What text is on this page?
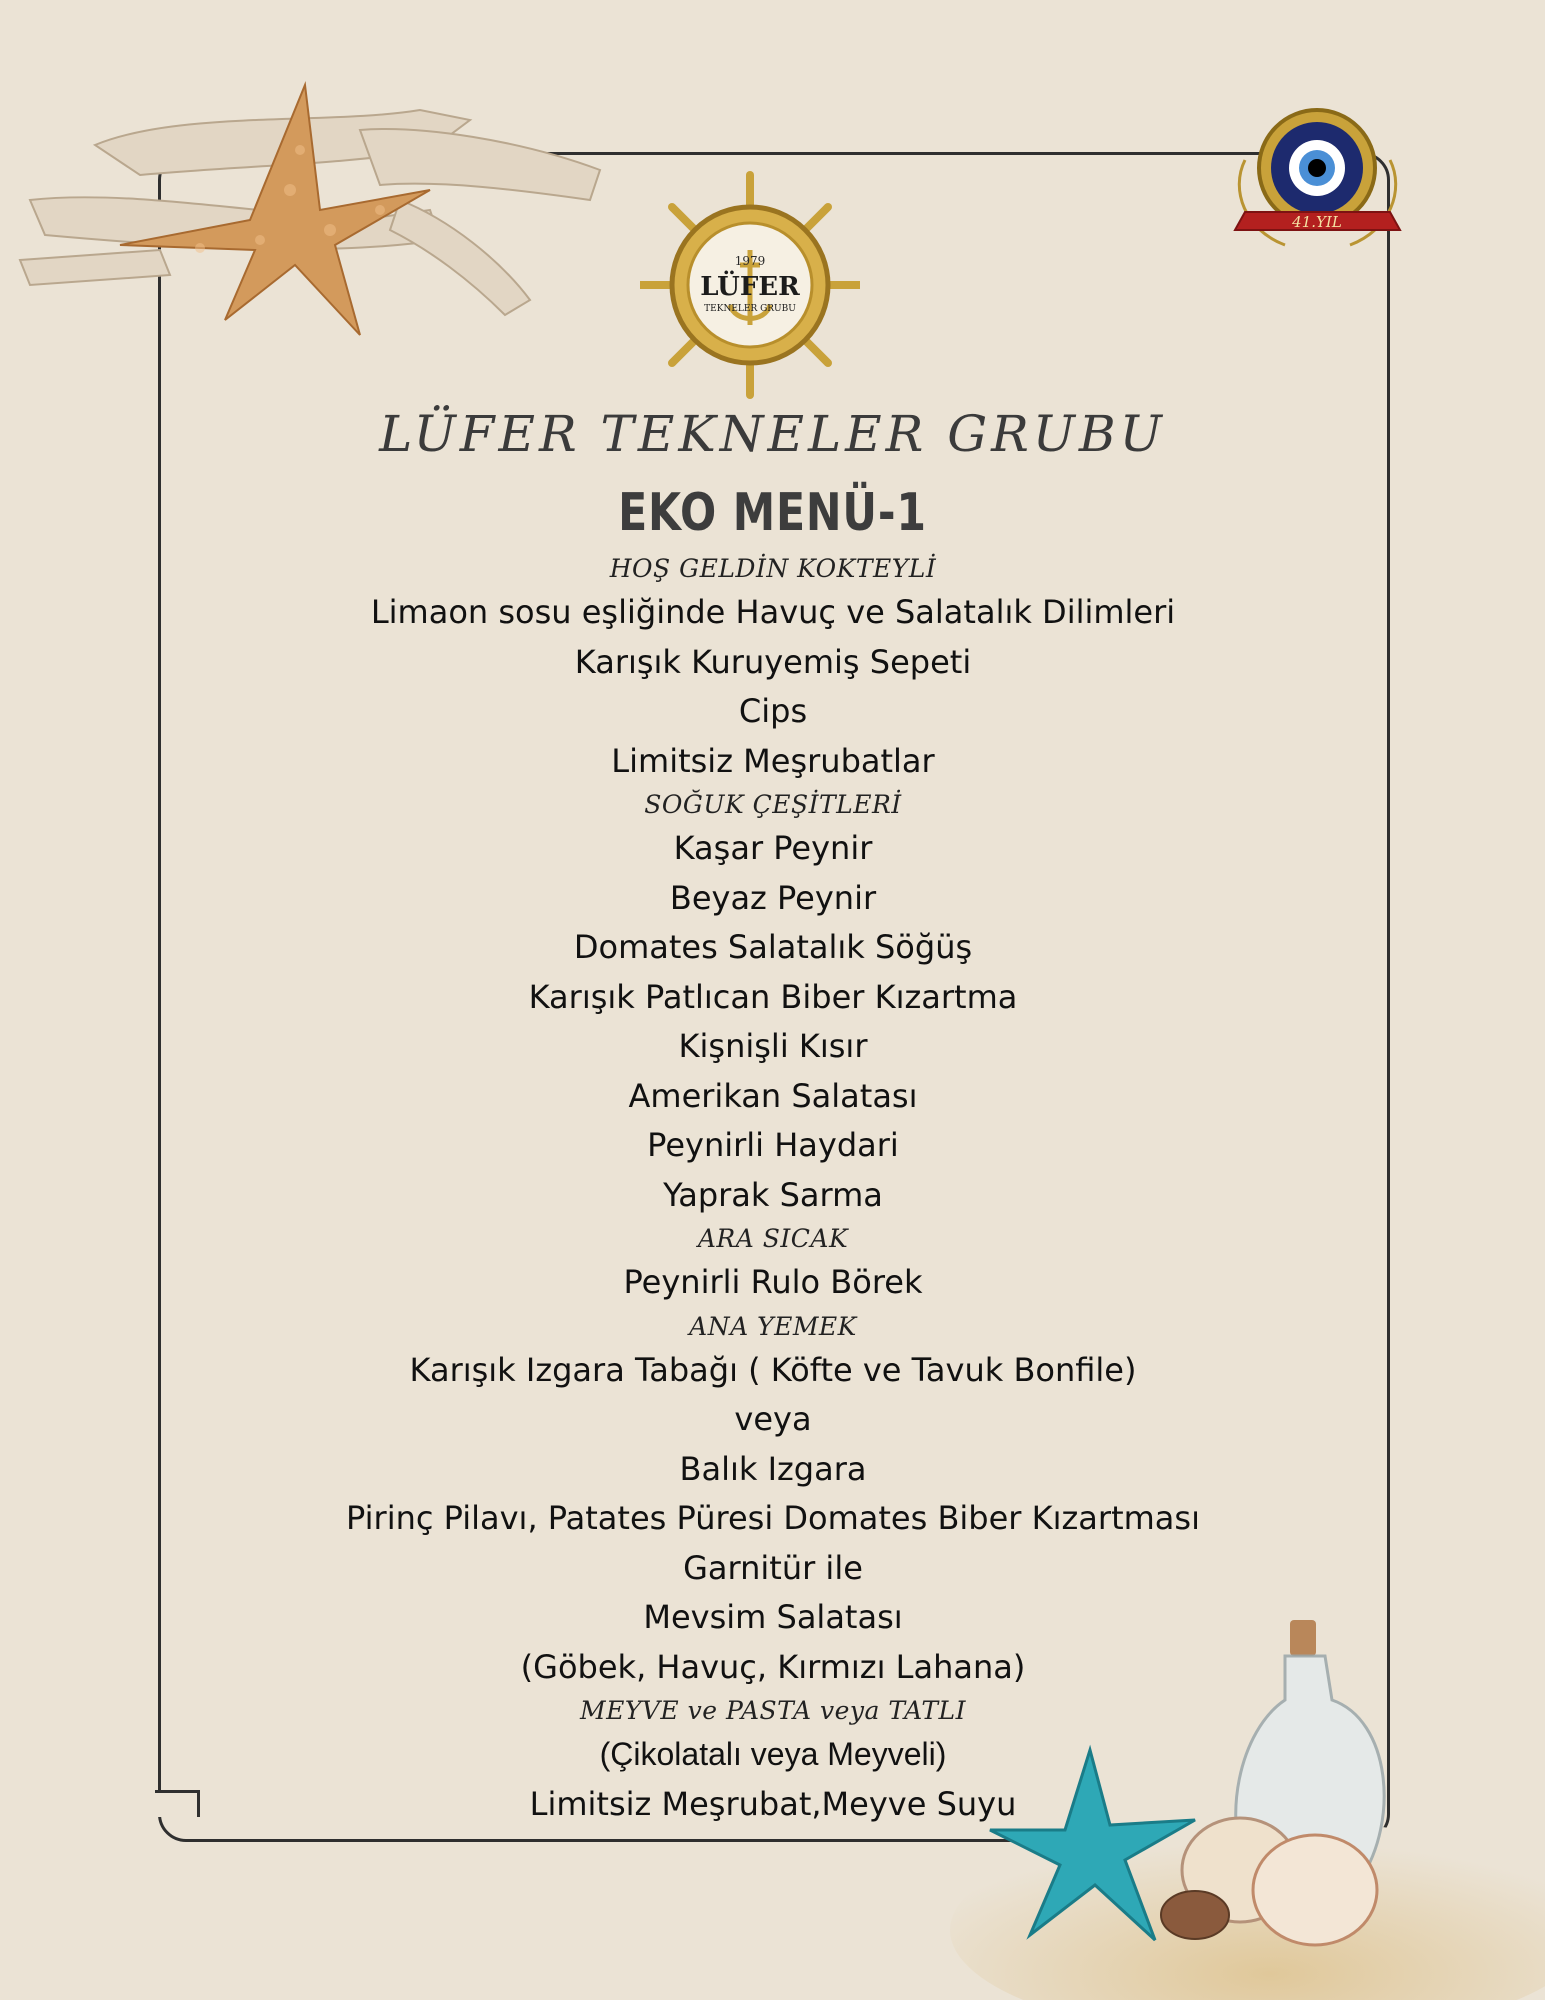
41.YIL
1979
LÜFER
TEKNELER GRUBU
LÜFER TEKNELER GRUBU
EKO MENÜ-1
HOŞ GELDİN KOKTEYLİ
Limaon sosu eşliğinde Havuç ve Salatalık Dilimleri
Karışık Kuruyemiş Sepeti
Cips
Limitsiz Meşrubatlar
SOĞUK ÇEŞİTLERİ
Kaşar Peynir
Beyaz Peynir
Domates Salatalık Söğüş
Karışık Patlıcan Biber Kızartma
Kişnişli Kısır
Amerikan Salatası
Peynirli Haydari
Yaprak Sarma
ARA SICAK
Peynirli Rulo Börek
ANA YEMEK
Karışık Izgara Tabağı ( Köfte ve Tavuk Bonfile)
veya
Balık Izgara
Pirinç Pilavı, Patates Püresi Domates Biber Kızartması
Garnitür ile
Mevsim Salatası
(Göbek, Havuç, Kırmızı Lahana)
MEYVE ve PASTA veya TATLI
(Çikolatalı veya Meyveli)
Limitsiz Meşrubat,Meyve Suyu
